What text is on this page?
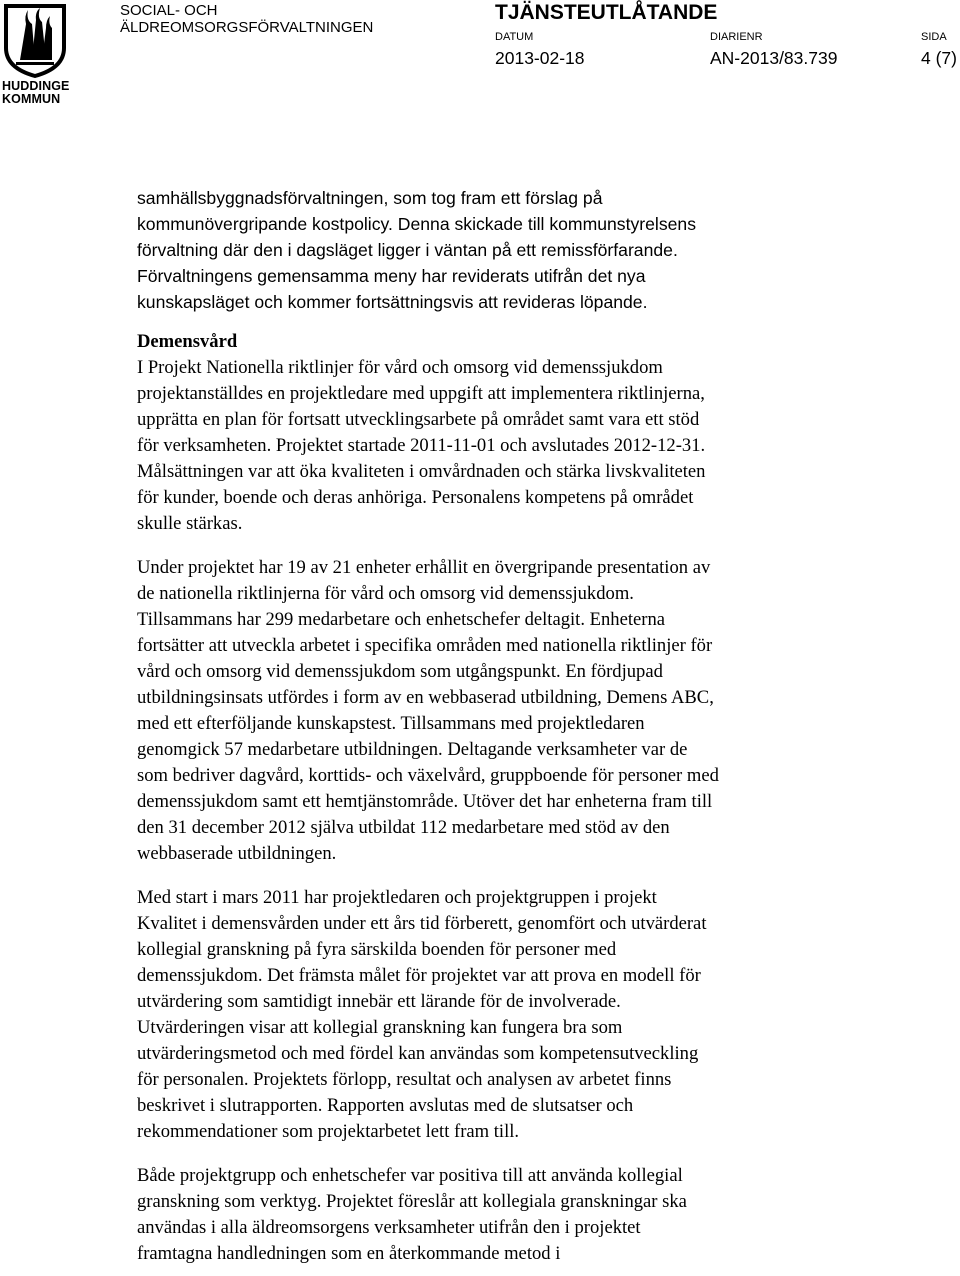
HUDDINGE
KOMMUN
SOCIAL- OCH
ÄLDREOMSORGSFÖRVALTNINGEN
TJÄNSTEUTLÅTANDE
DATUM
2013-02-18
DIARIENR
AN-2013/83.739
SIDA
4 (7)

samhällsbyggnadsförvaltningen, som tog fram ett förslag på

kommunövergripande kostpolicy. Denna skickade till kommunstyrelsens

förvaltning där den i dagsläget ligger i väntan på ett remissförfarande.

Förvaltningens gemensamma meny har reviderats utifrån det nya

kunskapsläget och kommer fortsättningsvis att revideras löpande.

Demensvård

I Projekt Nationella riktlinjer för vård och omsorg vid demenssjukdom

projektanställdes en projektledare med uppgift att implementera riktlinjerna,

upprätta en plan för fortsatt utvecklingsarbete på området samt vara ett stöd

för verksamheten. Projektet startade 2011-11-01 och avslutades 2012-12-31.

Målsättningen var att öka kvaliteten i omvårdnaden och stärka livskvaliteten

för kunder, boende och deras anhöriga. Personalens kompetens på området

skulle stärkas.

Under projektet har 19 av 21 enheter erhållit en övergripande presentation av

de nationella riktlinjerna för vård och omsorg vid demenssjukdom.

Tillsammans har 299 medarbetare och enhetschefer deltagit. Enheterna

fortsätter att utveckla arbetet i specifika områden med nationella riktlinjer för

vård och omsorg vid demenssjukdom som utgångspunkt. En fördjupad

utbildningsinsats utfördes i form av en webbaserad utbildning, Demens ABC,

med ett efterföljande kunskapstest. Tillsammans med projektledaren

genomgick 57 medarbetare utbildningen. Deltagande verksamheter var de

som bedriver dagvård, korttids- och växelvård, gruppboende för personer med

demenssjukdom samt ett hemtjänstområde. Utöver det har enheterna fram till

den 31 december 2012 själva utbildat 112 medarbetare med stöd av den

webbaserade utbildningen.

Med start i mars 2011 har projektledaren och projektgruppen i projekt

Kvalitet i demensvården under ett års tid förberett, genomfört och utvärderat

kollegial granskning på fyra särskilda boenden för personer med

demenssjukdom. Det främsta målet för projektet var att prova en modell för

utvärdering som samtidigt innebär ett lärande för de involverade.

Utvärderingen visar att kollegial granskning kan fungera bra som

utvärderingsmetod och med fördel kan användas som kompetensutveckling

för personalen. Projektets förlopp, resultat och analysen av arbetet finns

beskrivet i slutrapporten. Rapporten avslutas med de slutsatser och

rekommendationer som projektarbetet lett fram till.

Både projektgrupp och enhetschefer var positiva till att använda kollegial

granskning som verktyg. Projektet föreslår att kollegiala granskningar ska

användas i alla äldreomsorgens verksamheter utifrån den i projektet

framtagna handledningen som en återkommande metod i
